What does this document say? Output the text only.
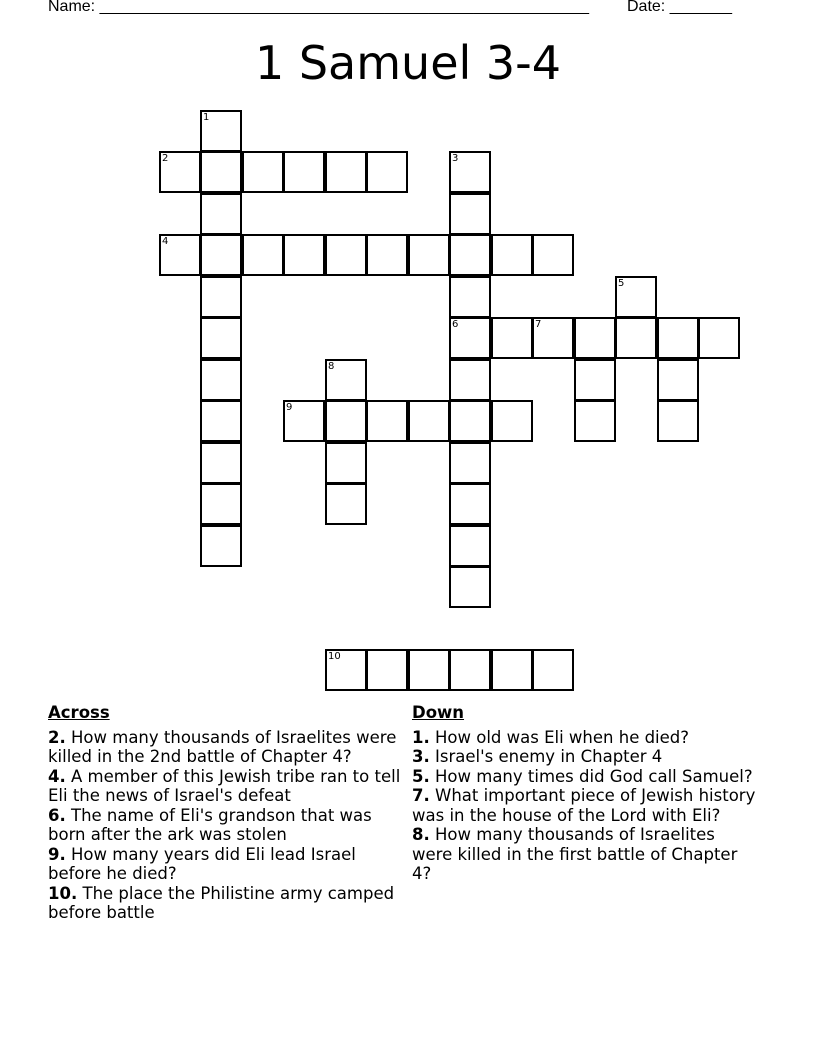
Name: _______________________________________________________ Date: _______
1 Samuel 3-4
1
2	3
4
5
6	7
8
9
10
Across

2. How many thousands of Israelites were killed in the 2nd battle of Chapter 4?

4. A member of this Jewish tribe ran to tell Eli the news of Israel's defeat

6. The name of Eli's grandson that was born after the ark was stolen

9. How many years did Eli lead Israel before he died?

10. The place the Philistine army camped before battle

Down

1. How old was Eli when he died?

3. Israel's enemy in Chapter 4

5. How many times did God call Samuel?

7. What important piece of Jewish history was in the house of the Lord with Eli?

8. How many thousands of Israelites were killed in the first battle of Chapter 4?
